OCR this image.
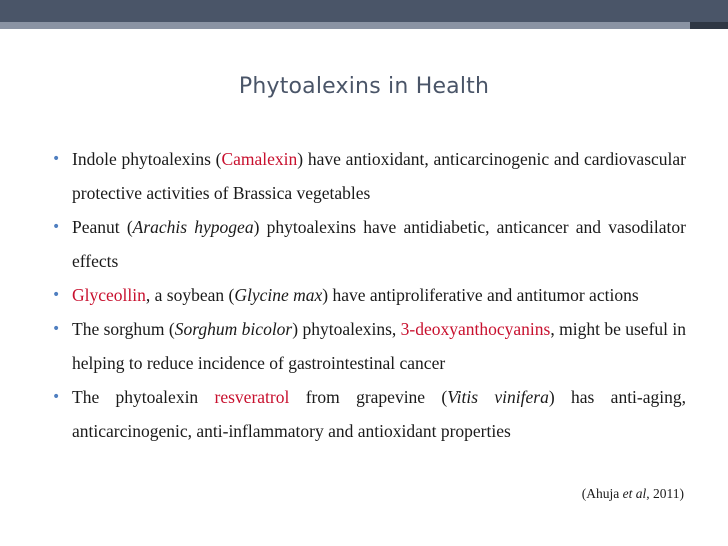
Phytoalexins in Health
• Indole phytoalexins (Camalexin) have antioxidant, anticarcinogenic and cardiovascular protective activities of Brassica vegetables
• Peanut (Arachis hypogea) phytoalexins have antidiabetic, anticancer and vasodilator effects
• Glyceollin, a soybean (Glycine max) have antiproliferative and antitumor actions
• The sorghum (Sorghum bicolor) phytoalexins, 3-deoxyanthocyanins, might be useful in helping to reduce incidence of gastrointestinal cancer
• The phytoalexin resveratrol from grapevine (Vitis vinifera) has anti-aging, anticarcinogenic, anti-inflammatory and antioxidant properties
(Ahuja et al, 2011)
